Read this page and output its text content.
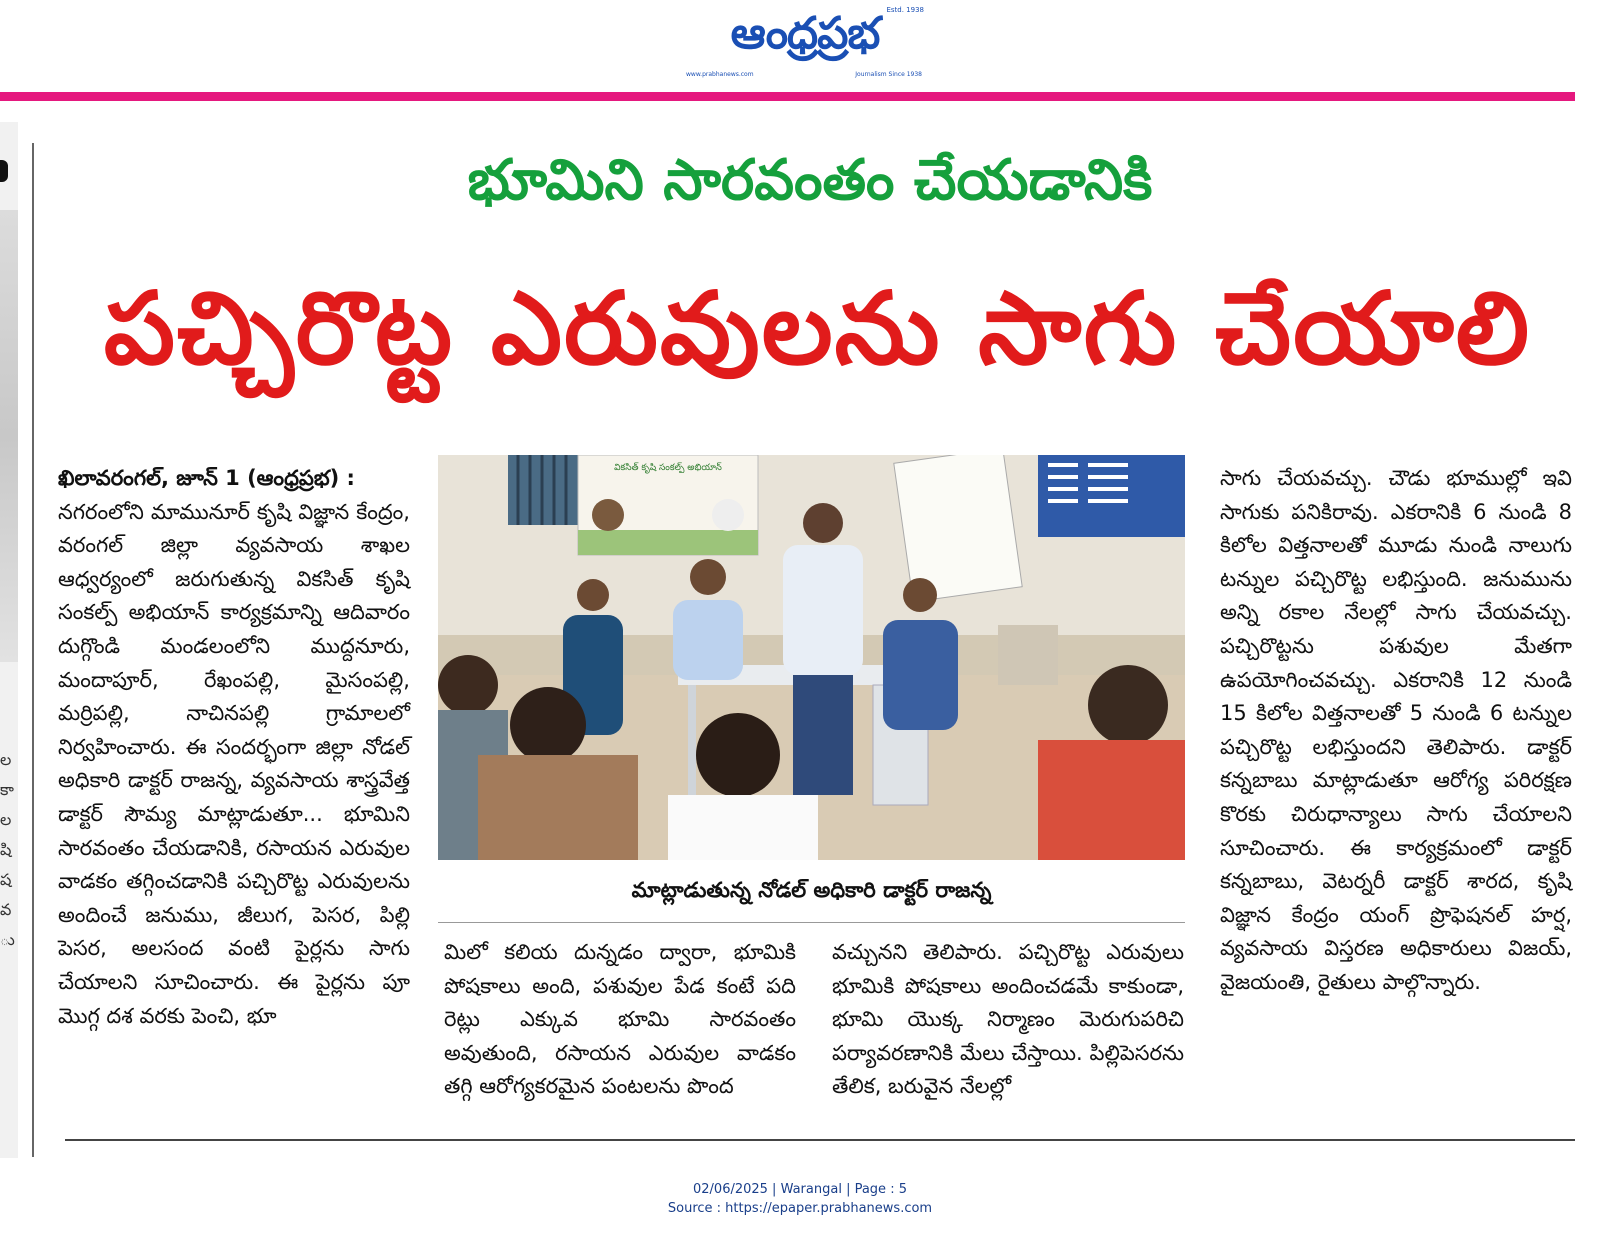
ఆంధ్రప్రభ	Estd. 1938
www.prabhanews.com	Journalism Since 1938
ల
కా
ల
షి
ష
వ
ు
భూమిని సారవంతం చేయడానికి
పచ్చిరొట్ట ఎరువులను సాగు చేయాలి

ఖిలావరంగల్, జూన్ 1 (ఆంధ్రప్రభ) :

నగరంలోని మామునూర్ కృషి విజ్ఞాన కేంద్రం, వరంగల్ జిల్లా వ్యవసాయ శాఖల ఆధ్వర్యంలో జరుగుతున్న వికసిత్ కృషి సంకల్ప్ అభియాన్ కార్యక్రమాన్ని ఆదివారం దుగ్గొండి మండలంలోని ముద్దనూరు, మందాపూర్, రేఖంపల్లి, మైసంపల్లి, మర్రిపల్లి, నాచినపల్లి గ్రామాలలో నిర్వహించారు. ఈ సందర్భంగా జిల్లా నోడల్ అధికారి డాక్టర్ రాజన్న, వ్యవసాయ శాస్త్రవేత్త డాక్టర్ సౌమ్య మాట్లాడుతూ... భూమిని సారవంతం చేయడానికి, రసాయన ఎరువుల వాడకం తగ్గించడానికి పచ్చిరొట్ట ఎరువులను అందించే జనుము, జీలుగ, పెసర, పిల్లి పెసర, అలసంద వంటి పైర్లను సాగు చేయాలని సూచించారు. ఈ పైర్లను పూ మొగ్గ దశ వరకు పెంచి, భూ

వికసిత్ కృషి సంకల్ప్ అభియాన్
మాట్లాడుతున్న నోడల్ అధికారి డాక్టర్ రాజన్న

మిలో కలియ దున్నడం ద్వారా, భూమికి పోషకాలు అంది, పశువుల పేడ కంటే పది రెట్లు ఎక్కువ భూమి సారవంతం అవుతుంది, రసాయన ఎరువుల వాడకం తగ్గి ఆరోగ్యకరమైన పంటలను పొంద

వచ్చునని తెలిపారు. పచ్చిరొట్ట ఎరువులు భూమికి పోషకాలు అందించడమే కాకుండా, భూమి యొక్క నిర్మాణం మెరుగుపరిచి పర్యావరణానికి మేలు చేస్తాయి. పిల్లిపెసరను తేలిక, బరువైన నేలల్లో

సాగు చేయవచ్చు. చౌడు భూముల్లో ఇవి సాగుకు పనికిరావు. ఎకరానికి 6 నుండి 8 కిలోల విత్తనాలతో మూడు నుండి నాలుగు టన్నుల పచ్చిరొట్ట లభిస్తుంది. జనుమును అన్ని రకాల నేలల్లో సాగు చేయవచ్చు. పచ్చిరొట్టను పశువుల మేతగా ఉపయోగించవచ్చు. ఎకరానికి 12 నుండి 15 కిలోల విత్తనాలతో 5 నుండి 6 టన్నుల పచ్చిరొట్ట లభిస్తుందని తెలిపారు. డాక్టర్ కన్నబాబు మాట్లాడుతూ ఆరోగ్య పరిరక్షణ కొరకు చిరుధాన్యాలు సాగు చేయాలని సూచించారు. ఈ కార్యక్రమంలో డాక్టర్ కన్నబాబు, వెటర్నరీ డాక్టర్ శారద, కృషి విజ్ఞాన కేంద్రం యంగ్ ప్రొఫెషనల్ హర్ష, వ్యవసాయ విస్తరణ అధికారులు విజయ్, వైజయంతి, రైతులు పాల్గొన్నారు.

02/06/2025 | Warangal | Page : 5
Source : https://epaper.prabhanews.com
